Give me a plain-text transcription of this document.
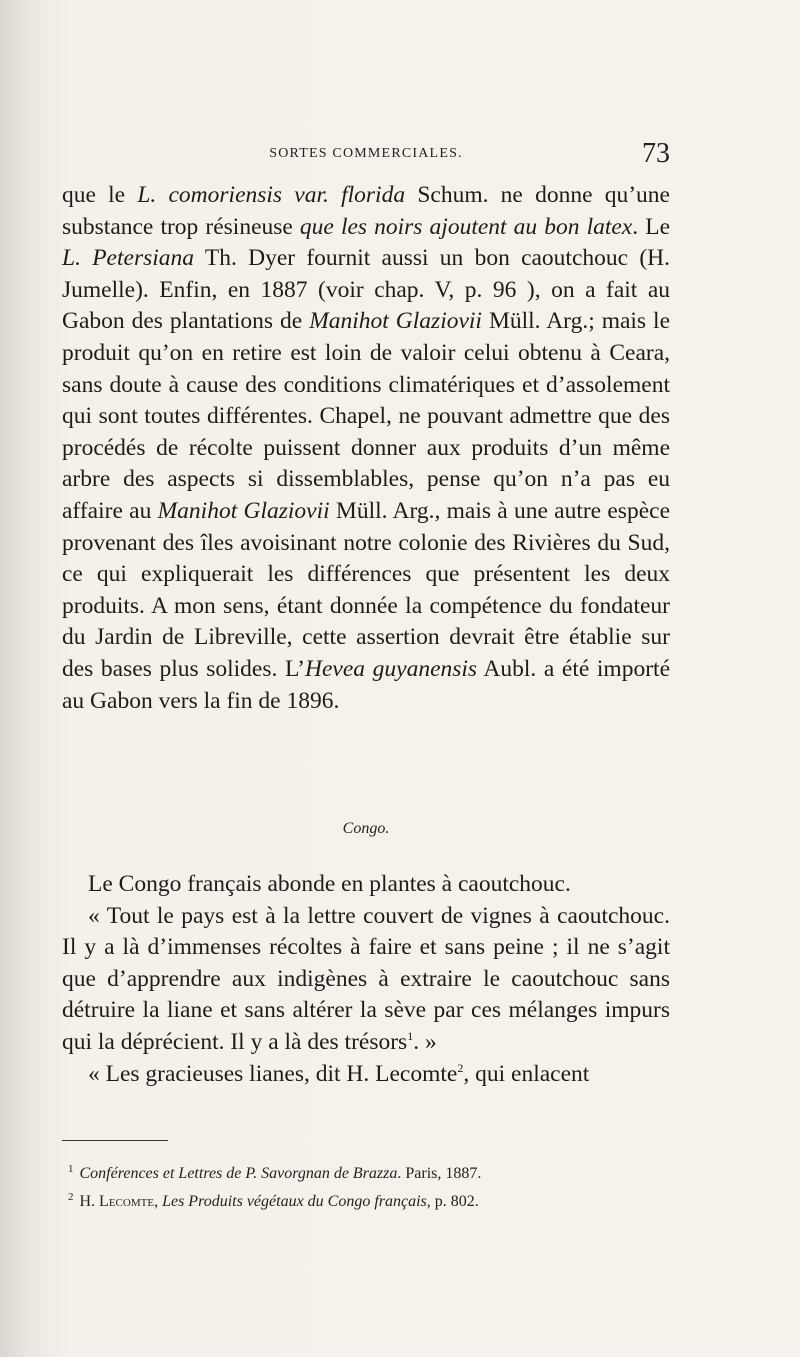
SORTES COMMERCIALES.	73

que le L. comoriensis var. florida Schum. ne donne qu’une substance trop résineuse que les noirs ajoutent au bon latex. Le L. Petersiana Th. Dyer fournit aussi un bon caoutchouc (H. Jumelle). Enfin, en 1887 (voir chap. V, p. 96 ), on a fait au Gabon des plantations de Manihot Glaziovii Müll. Arg.; mais le produit qu’on en retire est loin de valoir celui obtenu à Ceara, sans doute à cause des conditions climatériques et d’assolement qui sont toutes différentes. Chapel, ne pouvant admettre que des procédés de récolte puissent donner aux produits d’un même arbre des aspects si dissemblables, pense qu’on n’a pas eu affaire au Manihot Glaziovii Müll. Arg., mais à une autre espèce provenant des îles avoisinant notre colonie des Rivières du Sud, ce qui expliquerait les différences que présentent les deux produits. A mon sens, étant donnée la compétence du fondateur du Jardin de Libreville, cette assertion devrait être établie sur des bases plus solides. L’Hevea guyanensis Aubl. a été importé au Gabon vers la fin de 1896.

Congo.

Le Congo français abonde en plantes à caoutchouc.

« Tout le pays est à la lettre couvert de vignes à caoutchouc. Il y a là d’immenses récoltes à faire et sans peine ; il ne s’agit que d’apprendre aux indigènes à extraire le caoutchouc sans détruire la liane et sans altérer la sève par ces mélanges impurs qui la déprécient. Il y a là des trésors$^1$. »

« Les gracieuses lianes, dit H. Lecomte$^2$, qui enlacent

$^1$ Conférences et Lettres de P. Savorgnan de Brazza. Paris, 1887.

$^2$ H. Lecomte, Les Produits végétaux du Congo français, p. 802.
